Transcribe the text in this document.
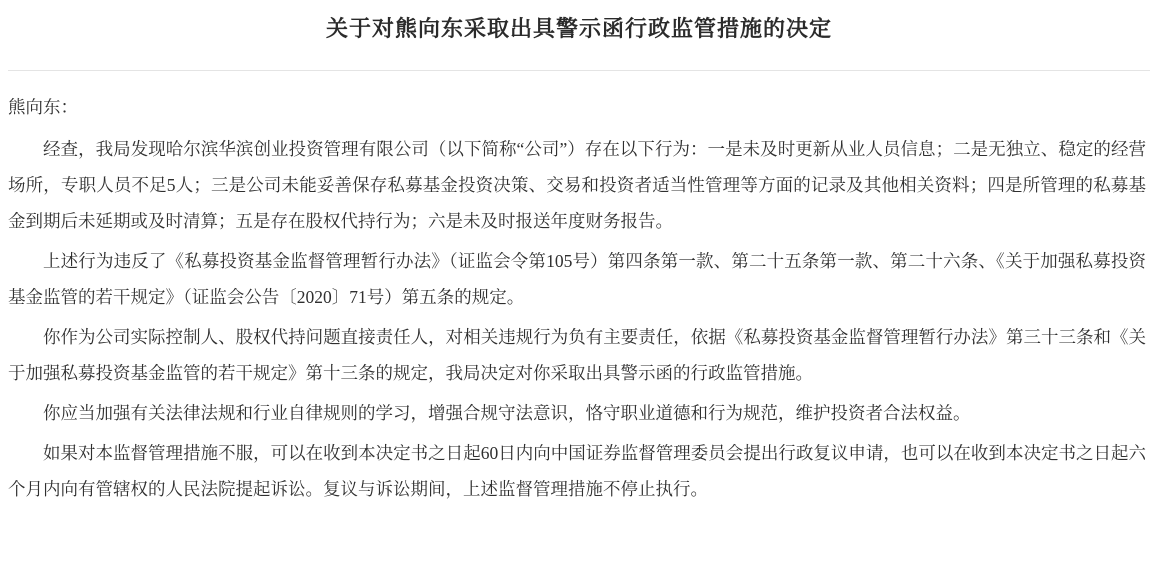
关于对熊向东采取出具警示函行政监管措施的决定

熊向东：

经查，我局发现哈尔滨华滨创业投资管理有限公司（以下简称“公司”）存在以下行为：一是未及时更新从业人员信息；二是无独立、稳定的经营场所，专职人员不足5人；三是公司未能妥善保存私募基金投资决策、交易和投资者适当性管理等方面的记录及其他相关资料；四是所管理的私募基金到期后未延期或及时清算；五是存在股权代持行为；六是未及时报送年度财务报告。

上述行为违反了《私募投资基金监督管理暂行办法》（证监会令第105号）第四条第一款、第二十五条第一款、第二十六条、《关于加强私募投资基金监管的若干规定》（证监会公告〔2020〕71号）第五条的规定。

你作为公司实际控制人、股权代持问题直接责任人，对相关违规行为负有主要责任，依据《私募投资基金监督管理暂行办法》第三十三条和《关于加强私募投资基金监管的若干规定》第十三条的规定，我局决定对你采取出具警示函的行政监管措施。

你应当加强有关法律法规和行业自律规则的学习，增强合规守法意识，恪守职业道德和行为规范，维护投资者合法权益。

如果对本监督管理措施不服，可以在收到本决定书之日起60日内向中国证券监督管理委员会提出行政复议申请，也可以在收到本决定书之日起六个月内向有管辖权的人民法院提起诉讼。复议与诉讼期间，上述监督管理措施不停止执行。
